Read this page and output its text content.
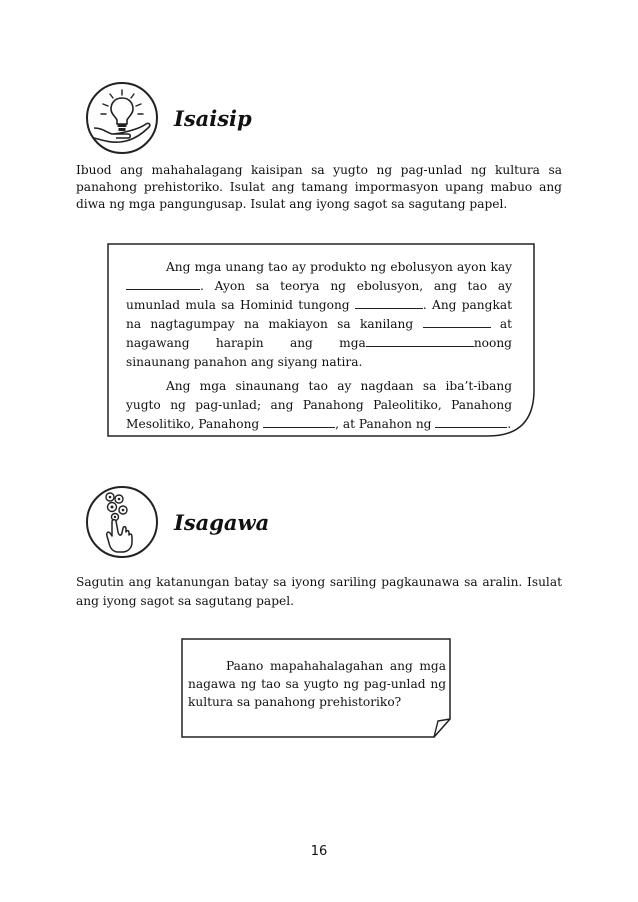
Isaisip
Ibuod ang mahahalagang kaisipan sa yugto ng pag-unlad ng kultura sa panahong prehistoriko. Isulat ang tamang impormasyon upang mabuo ang diwa ng mga pangungusap. Isulat ang iyong sagot sa sagutang papel.
Ang mga unang tao ay produkto ng ebolusyon ayon kay . Ayon sa teorya ng ebolusyon, ang tao ay umunlad mula sa Hominid tungong	. Ang pangkat na nagtagumpay na makiayon sa kanilang	at nagawang harapin ang mga	noong sinaunang panahon ang siyang natira.
Ang mga sinaunang tao ay nagdaan sa iba’t-ibang yugto ng pag-unlad; ang Panahong Paleolitiko, Panahong Mesolitiko, Panahong	, at Panahon ng	.
Isagawa
Sagutin ang katanungan batay sa iyong sariling pagkaunawa sa aralin. Isulat ang iyong sagot sa sagutang papel.
Paano mapahahalagahan ang mga nagawa ng tao sa yugto ng pag-unlad ng kultura sa panahong prehistoriko?
16
